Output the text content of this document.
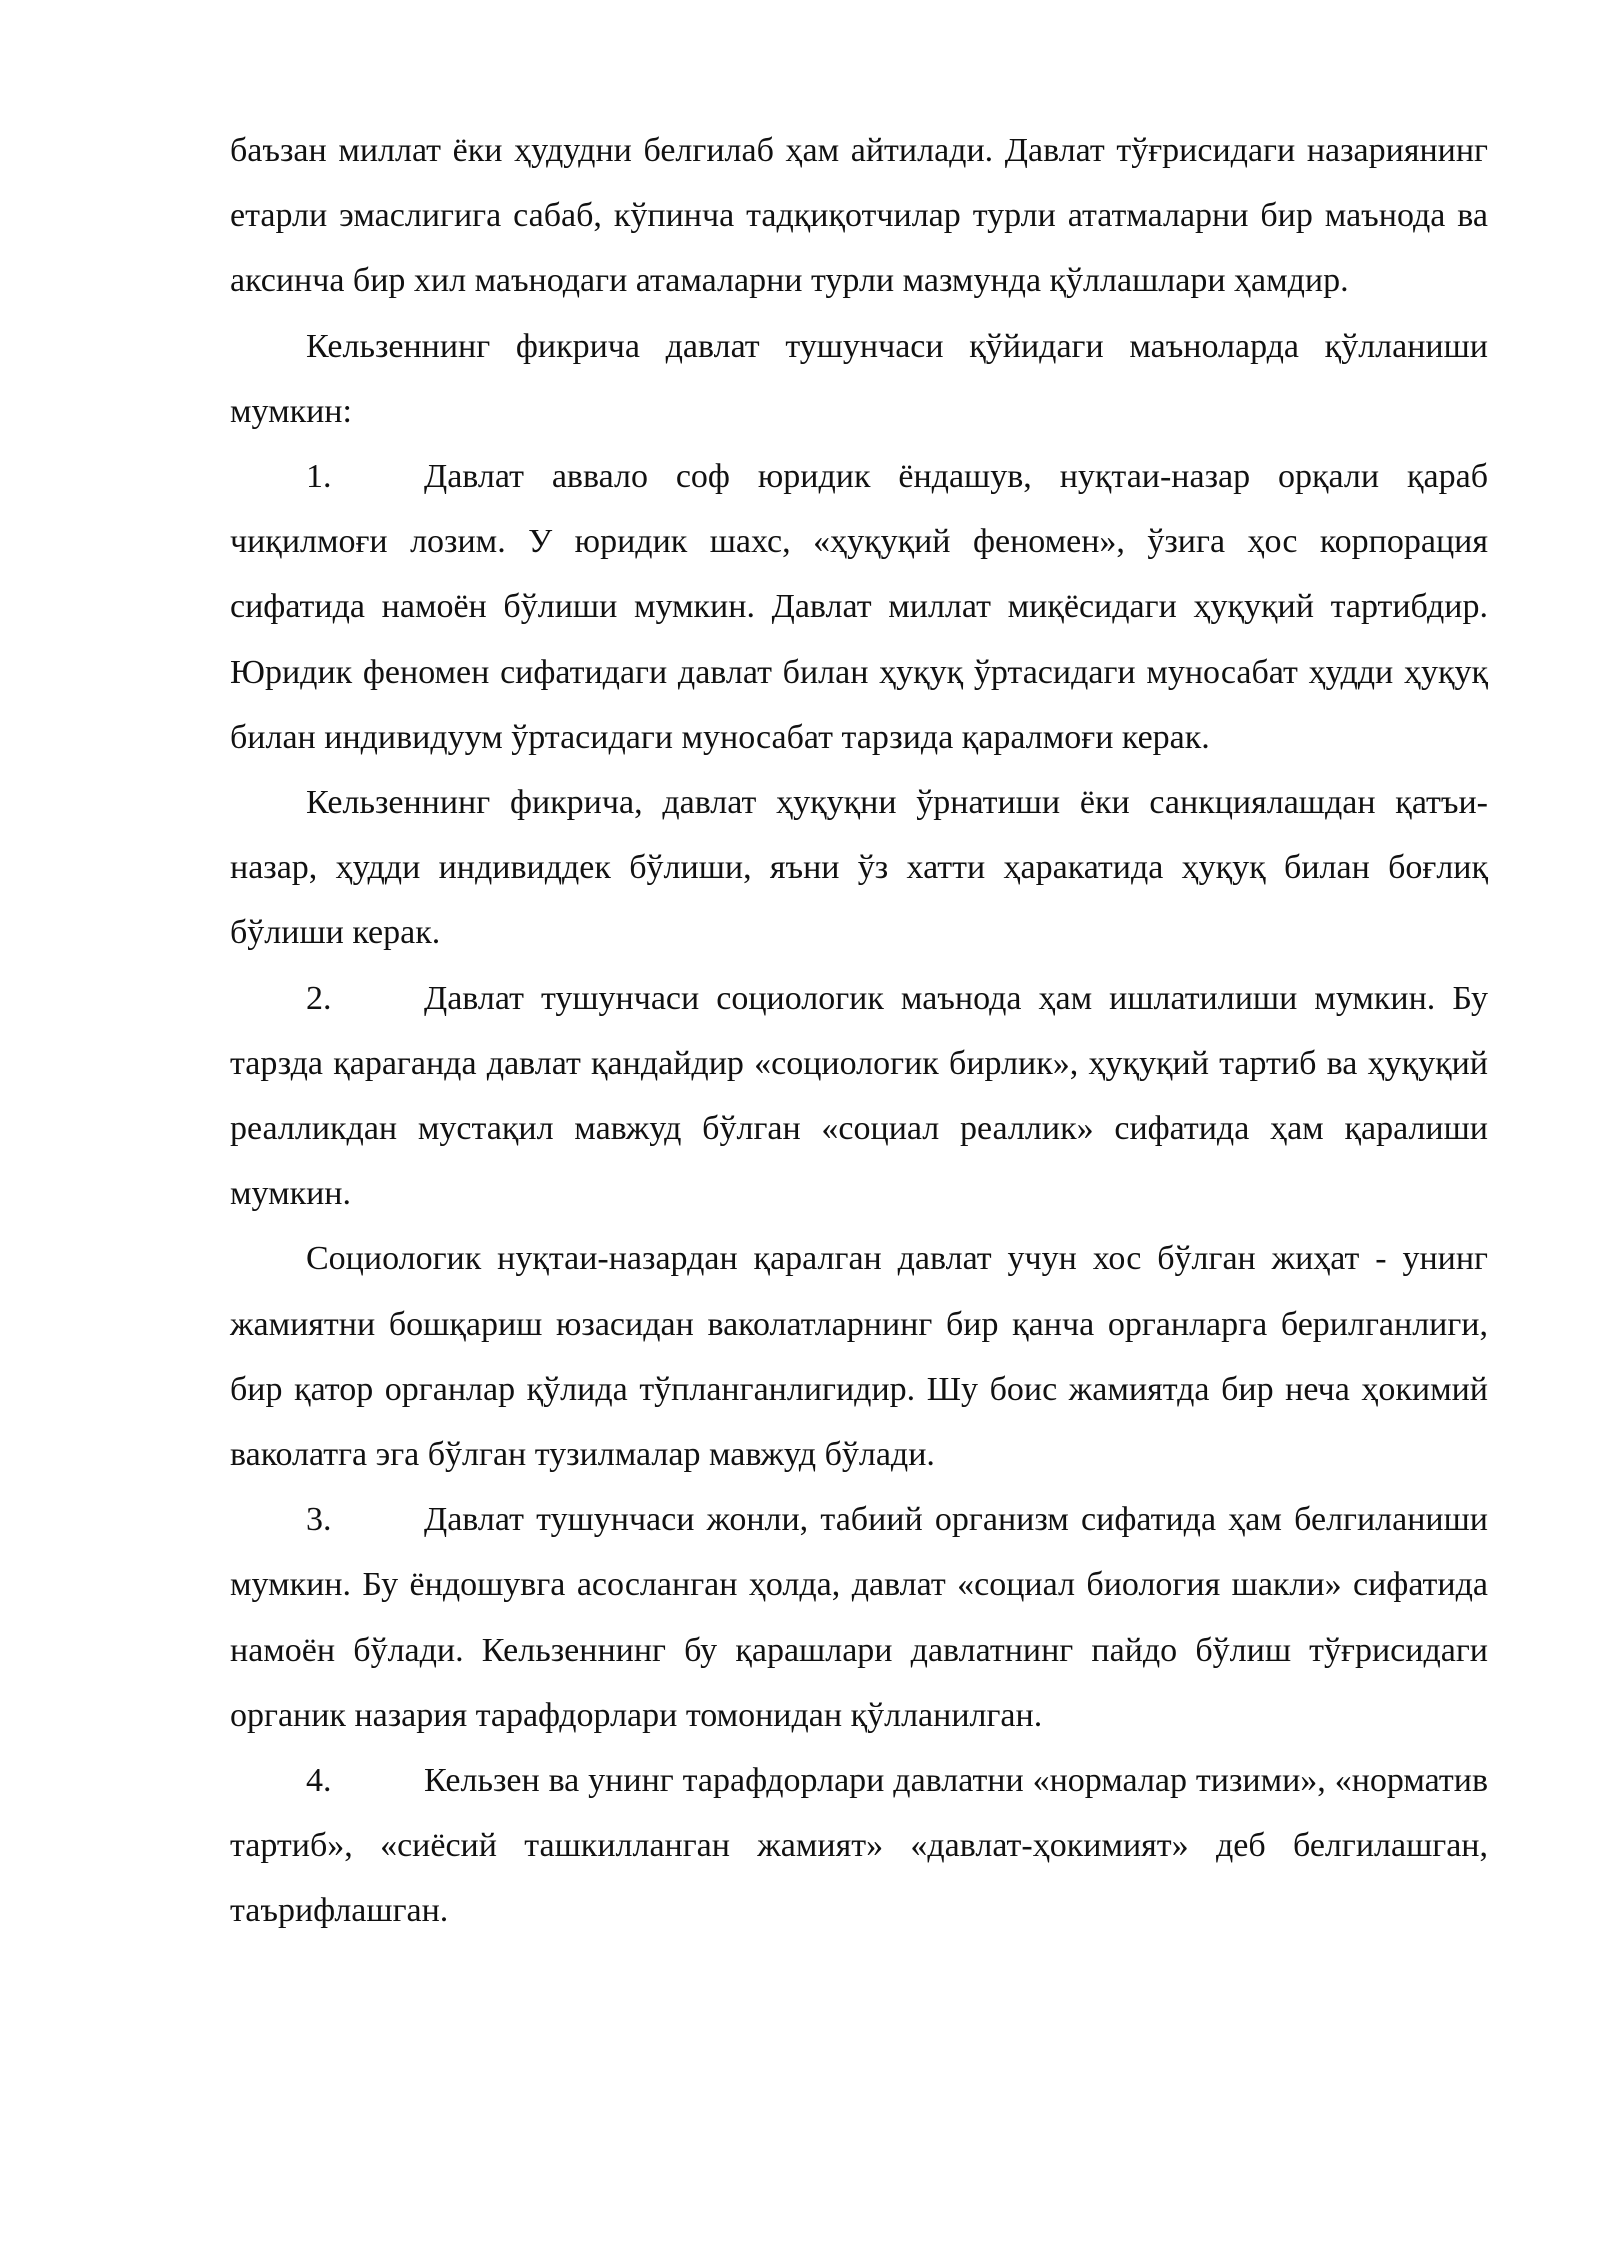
баъзан миллат ёки ҳудудни белгилаб ҳам айтилади. Давлат тўғрисидаги назариянинг етарли эмаслигига сабаб, кўпинча тадқиқотчилар турли ататмаларни бир маънода ва аксинча бир хил маънодаги атамаларни турли мазмунда қўллашлари ҳамдир.

Кельзеннинг фикрича давлат тушунчаси қўйидаги маъноларда қўлланиши мумкин:

1.	Давлат аввало соф юридик ёндашув, нуқтаи-назар орқали қараб чиқилмоғи лозим. У юридик шахс, «ҳуқуқий феномен», ўзига ҳос корпорация сифатида намоён бўлиши мумкин. Давлат миллат миқёсидаги ҳуқуқий тартибдир. Юридик феномен сифатидаги давлат билан ҳуқуқ ўртасидаги муносабат ҳудди ҳуқуқ билан индивидуум ўртасидаги муносабат тарзида қаралмоғи керак.

Кельзеннинг фикрича, давлат ҳуқуқни ўрнатиши ёки санкциялашдан қатъи-назар, ҳудди индивиддек бўлиши, яъни ўз хатти ҳаракатида ҳуқуқ билан боғлиқ бўлиши керак.

2.	Давлат тушунчаси социологик маънода ҳам ишлатилиши мумкин. Бу тарзда қараганда давлат қандайдир «социологик бирлик», ҳуқуқий тартиб ва ҳуқуқий реалликдан мустақил мавжуд бўлган «социал реаллик» сифатида ҳам қаралиши мумкин.

Социологик нуқтаи-назардан қаралган давлат учун хос бўлган жиҳат - унинг жамиятни бошқариш юзасидан ваколатларнинг бир қанча органларга берилганлиги, бир қатор органлар қўлида тўпланганлигидир. Шу боис жамиятда бир неча ҳокимий ваколатга эга бўлган тузилмалар мавжуд бўлади.

3.	Давлат тушунчаси жонли, табиий организм сифатида ҳам белгиланиши мумкин. Бу ёндошувга асосланган ҳолда, давлат «социал биология шакли» сифатида намоён бўлади. Кельзеннинг бу қарашлари давлатнинг пайдо бўлиш тўғрисидаги органик назария тарафдорлари томонидан қўлланилган.

4.	Кельзен ва унинг тарафдорлари давлатни «нормалар тизими», «норматив тартиб», «сиёсий ташкилланган жамият» «давлат-ҳокимият» деб белгилашган, таърифлашган.
